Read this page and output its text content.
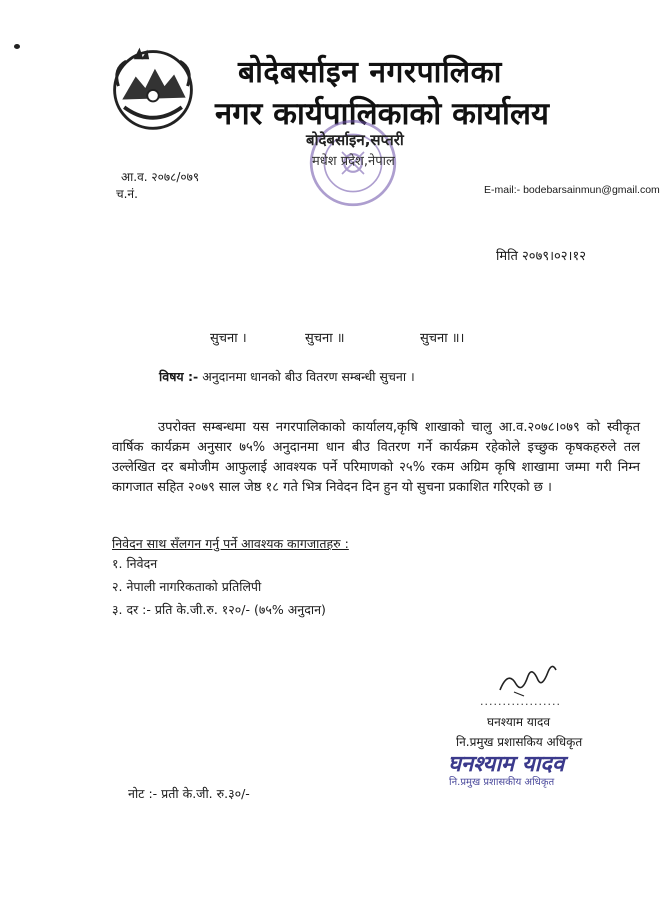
बोदेबर्साइन नगरपालिका
नगर कार्यपालिकाको कार्यालय
बोदेबर्साइन,सप्तरी
मधेश प्रदेश,नेपाल
आ.व. २०७८/०७९
च.नं.	E-mail:- bodebarsainmun@gmail.com
मिति २०७९।०२।१२
सुचना ।	सुचना ॥	सुचना ॥।
विषय :- अनुदानमा धानको बीउ वितरण सम्बन्धी सुचना ।
उपरोक्त सम्बन्धमा यस नगरपालिकाको कार्यालय,कृषि शाखाको चालु आ.व.२०७८।०७९ को स्वीकृत वार्षिक कार्यक्रम अनुसार ७५% अनुदानमा धान बीउ वितरण गर्ने कार्यक्रम रहेकोले इच्छुक कृषकहरुले तल उल्लेखित दर बमोजीम आफुलाई आवश्यक पर्ने परिमाणको २५% रकम अग्रिम कृषि शाखामा जम्मा गरी निम्न कागजात सहित २०७९ साल जेष्ठ १८ गते भित्र निवेदन दिन हुन यो सुचना प्रकाशित गरिएको छ ।
निवेदन साथ सँलगन गर्नु पर्ने आवश्यक कागजातहरु :
१. निवेदन
२. नेपाली नागरिकताको प्रतिलिपी
३. दर :- प्रति के.जी.रु. १२०/- (७५% अनुदान)
..................
घनश्याम यादव
नि.प्रमुख प्रशासकिय अधिकृत
घनश्याम यादव
नि.प्रमुख प्रशासकीय अधिकृत
नोट :- प्रती के.जी. रु.३०/-
